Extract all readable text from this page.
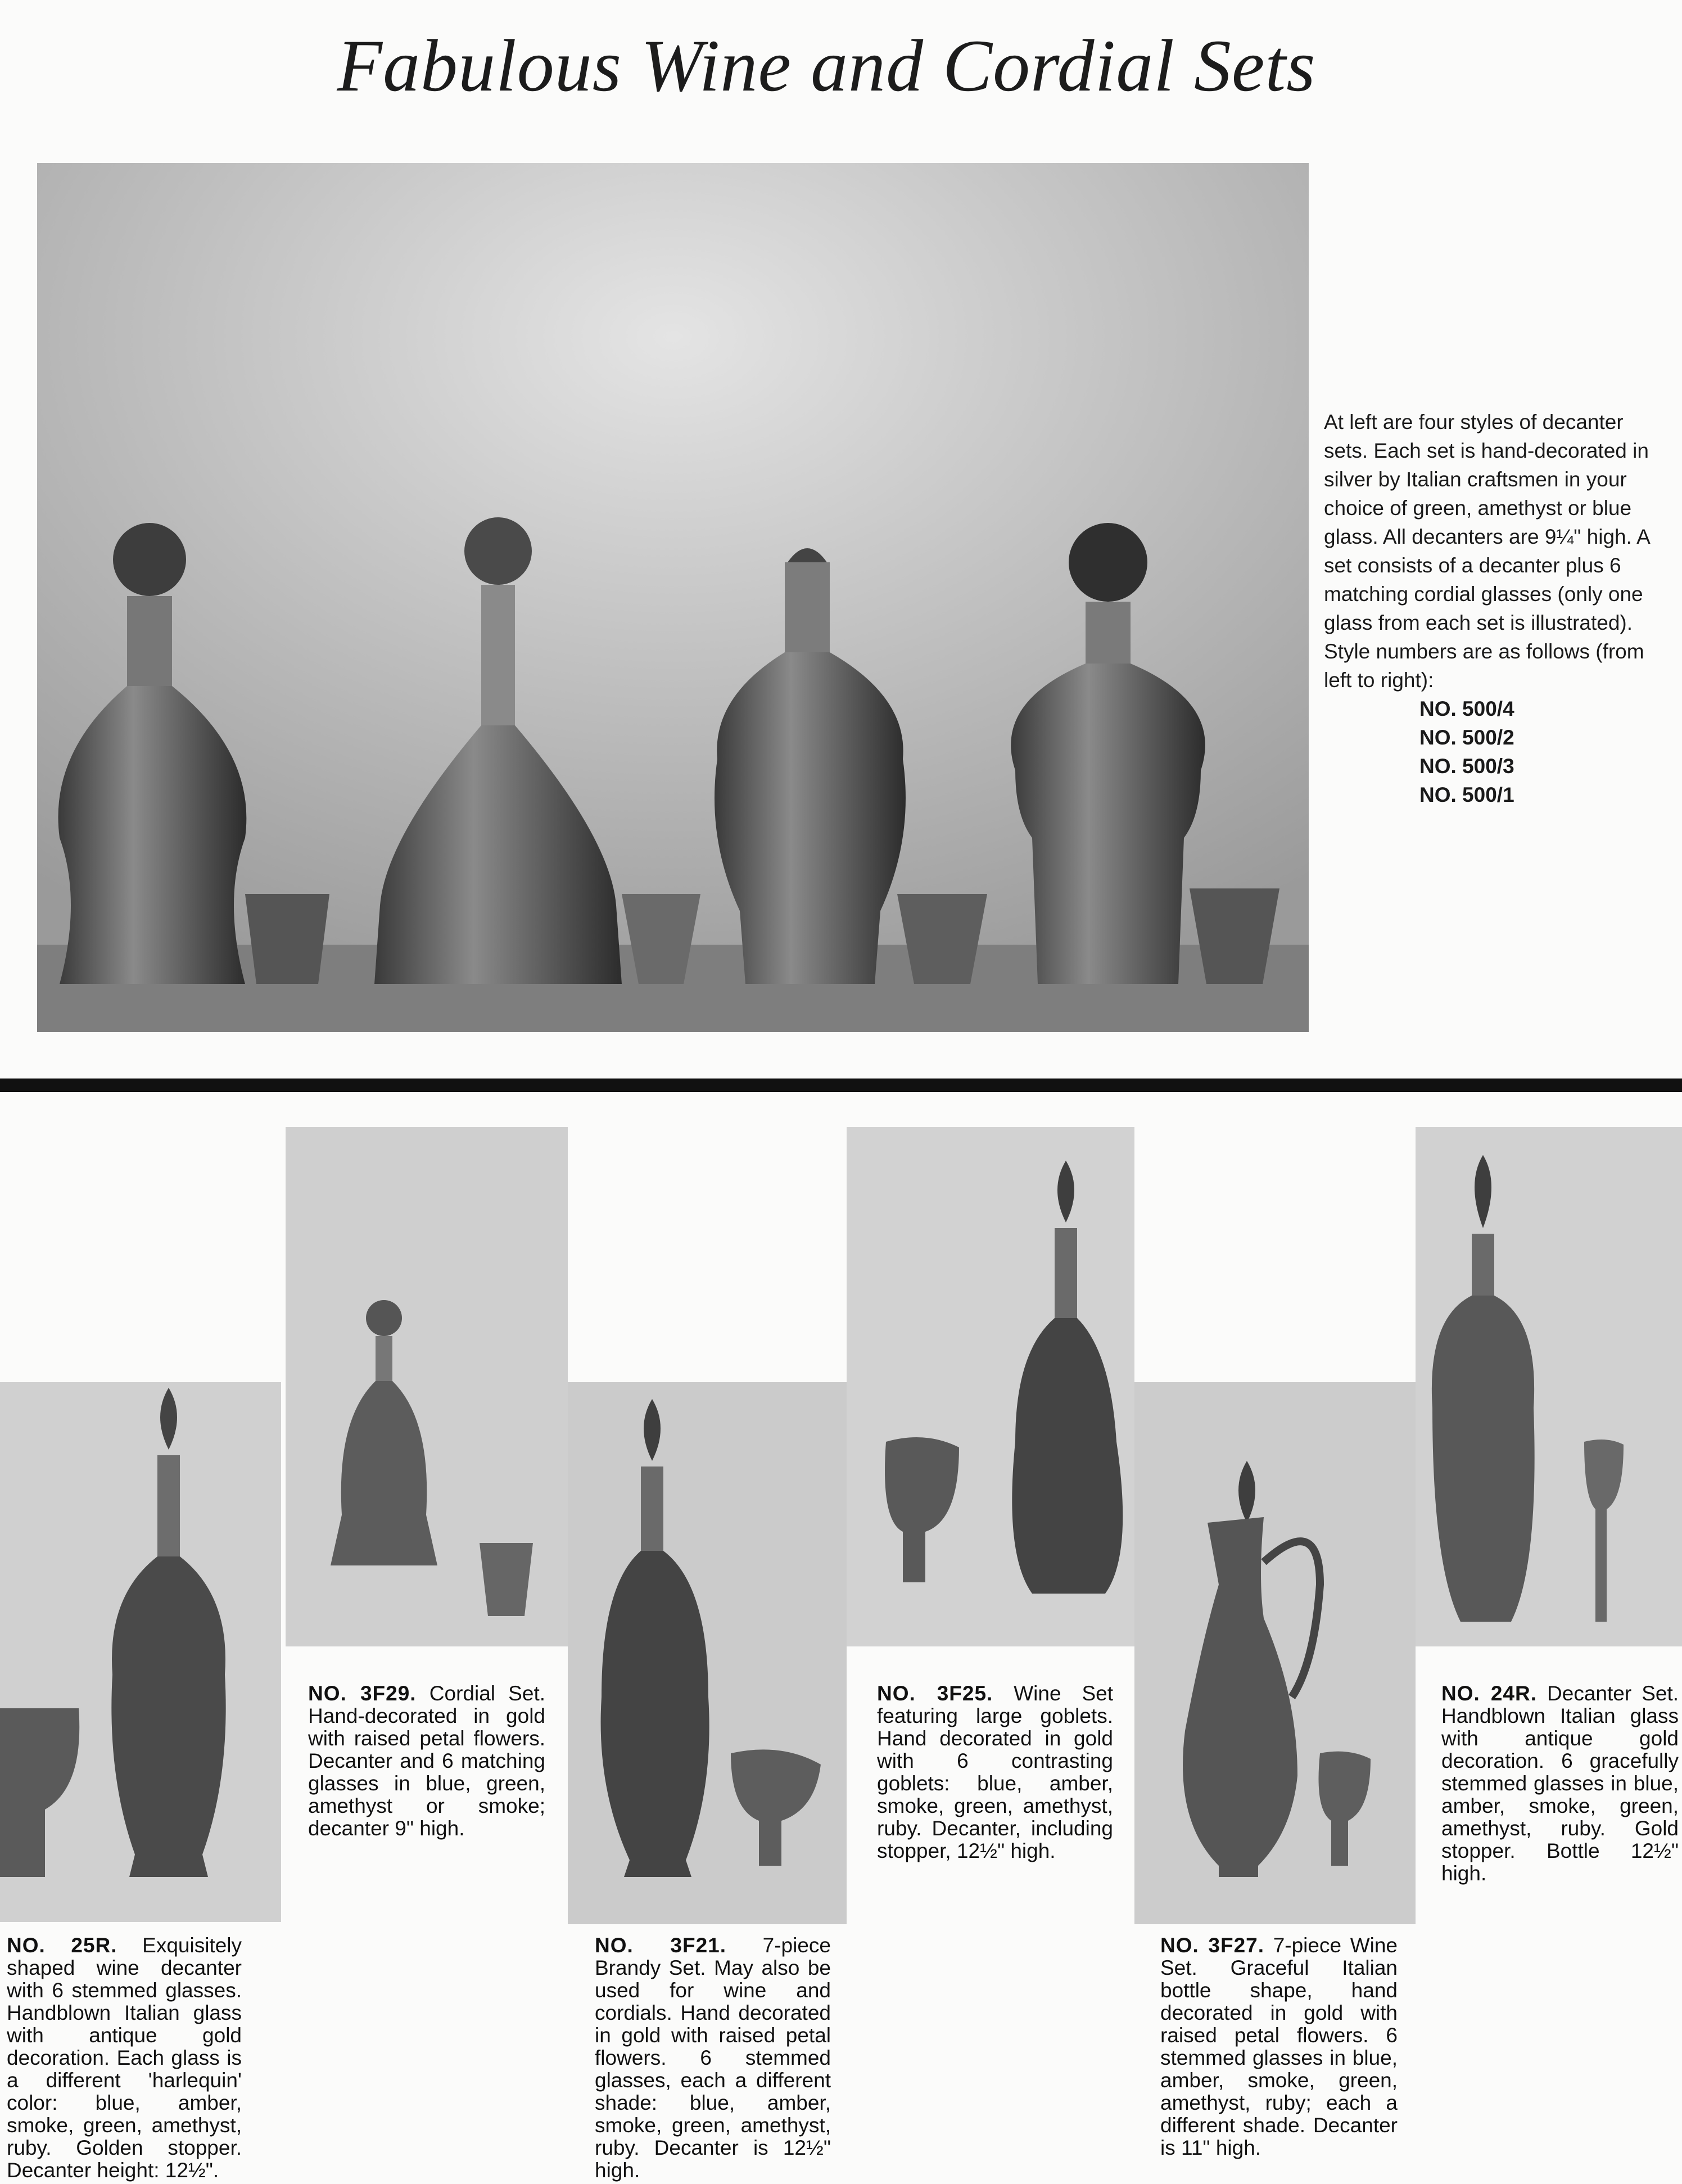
Fabulous Wine and Cordial Sets

At left are four styles of decanter sets. Each set is hand-decorated in silver by Italian craftsmen in your choice of green, amethyst or blue glass. All decanters are 9¼" high. A set consists of a decanter plus 6 matching cordial glasses (only one glass from each set is illustrated).

Style numbers are as follows (from left to right):

NO. 500/4
NO. 500/2
NO. 500/3
NO. 500/1
NO. 3F29. Cordial Set. Hand-decorated in gold with raised petal flowers. Decanter and 6 matching glasses in blue, green, amethyst or smoke; decanter 9" high.
NO. 3F25. Wine Set featuring large goblets. Hand decorated in gold with 6 contrasting goblets: blue, amber, smoke, green, amethyst, ruby. Decanter, including stopper, 12½" high.
NO. 24R. Decanter Set. Handblown Italian glass with antique gold decoration. 6 gracefully stemmed glasses in blue, amber, smoke, green, amethyst, ruby. Gold stopper. Bottle 12½" high.
NO. 25R. Exquisitely shaped wine decanter with 6 stemmed glasses. Handblown Italian glass with antique gold decoration. Each glass is a different 'harlequin' color: blue, amber, smoke, green, amethyst, ruby. Golden stopper. Decanter height: 12½".
NO. 3F21. 7-piece Brandy Set. May also be used for wine and cordials. Hand decorated in gold with raised petal flowers. 6 stemmed glasses, each a different shade: blue, amber, smoke, green, amethyst, ruby. Decanter is 12½" high.
NO. 3F27. 7-piece Wine Set. Graceful Italian bottle shape, hand decorated in gold with raised petal flowers. 6 stemmed glasses in blue, amber, smoke, green, amethyst, ruby; each a different shade. Decanter is 11" high.
